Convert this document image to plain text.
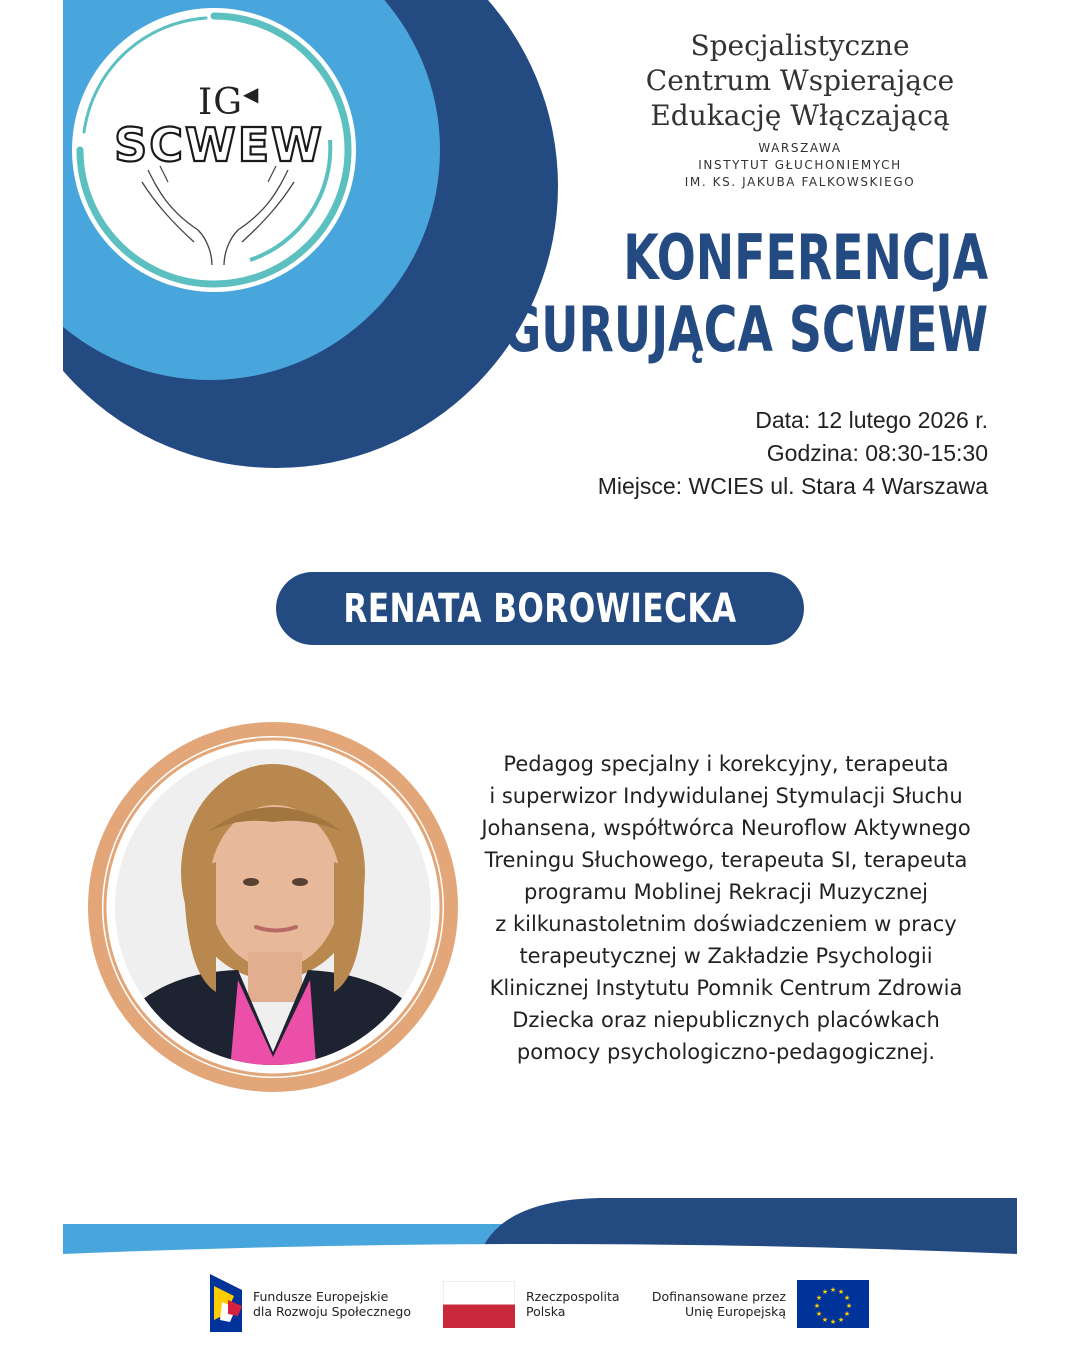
IG◀
SCWEW
Specjalistyczne
Centrum Wspierające
Edukację Włączającą
WARSZAWA
INSTYTUT GŁUCHONIEMYCH
IM. KS. JAKUBA FALKOWSKIEGO
KONFERENCJA
INAUGURUJĄCA SCWEW
Data: 12 lutego 2026 r.
Godzina: 08:30-15:30
Miejsce: WCIES ul. Stara 4 Warszawa
RENATA BOROWIECKA
Pedagog specjalny i korekcyjny, terapeuta
i superwizor Indywidulanej Stymulacji Słuchu
Johansena, współtwórca Neuroflow Aktywnego
Treningu Słuchowego, terapeuta SI, terapeuta
programu Moblinej Rekracji Muzycznej
z kilkunastoletnim doświadczeniem w pracy
terapeutycznej w Zakładzie Psychologii
Klinicznej Instytutu Pomnik Centrum Zdrowia
Dziecka oraz niepublicznych placówkach
pomocy psychologiczno-pedagogicznej.
Fundusze Europejskie
dla Rozwoju Społecznego
Rzeczpospolita
Polska
Dofinansowane przez
Unię Europejską
★ ★
★
★
★
★
★
★
★
★
★
★
